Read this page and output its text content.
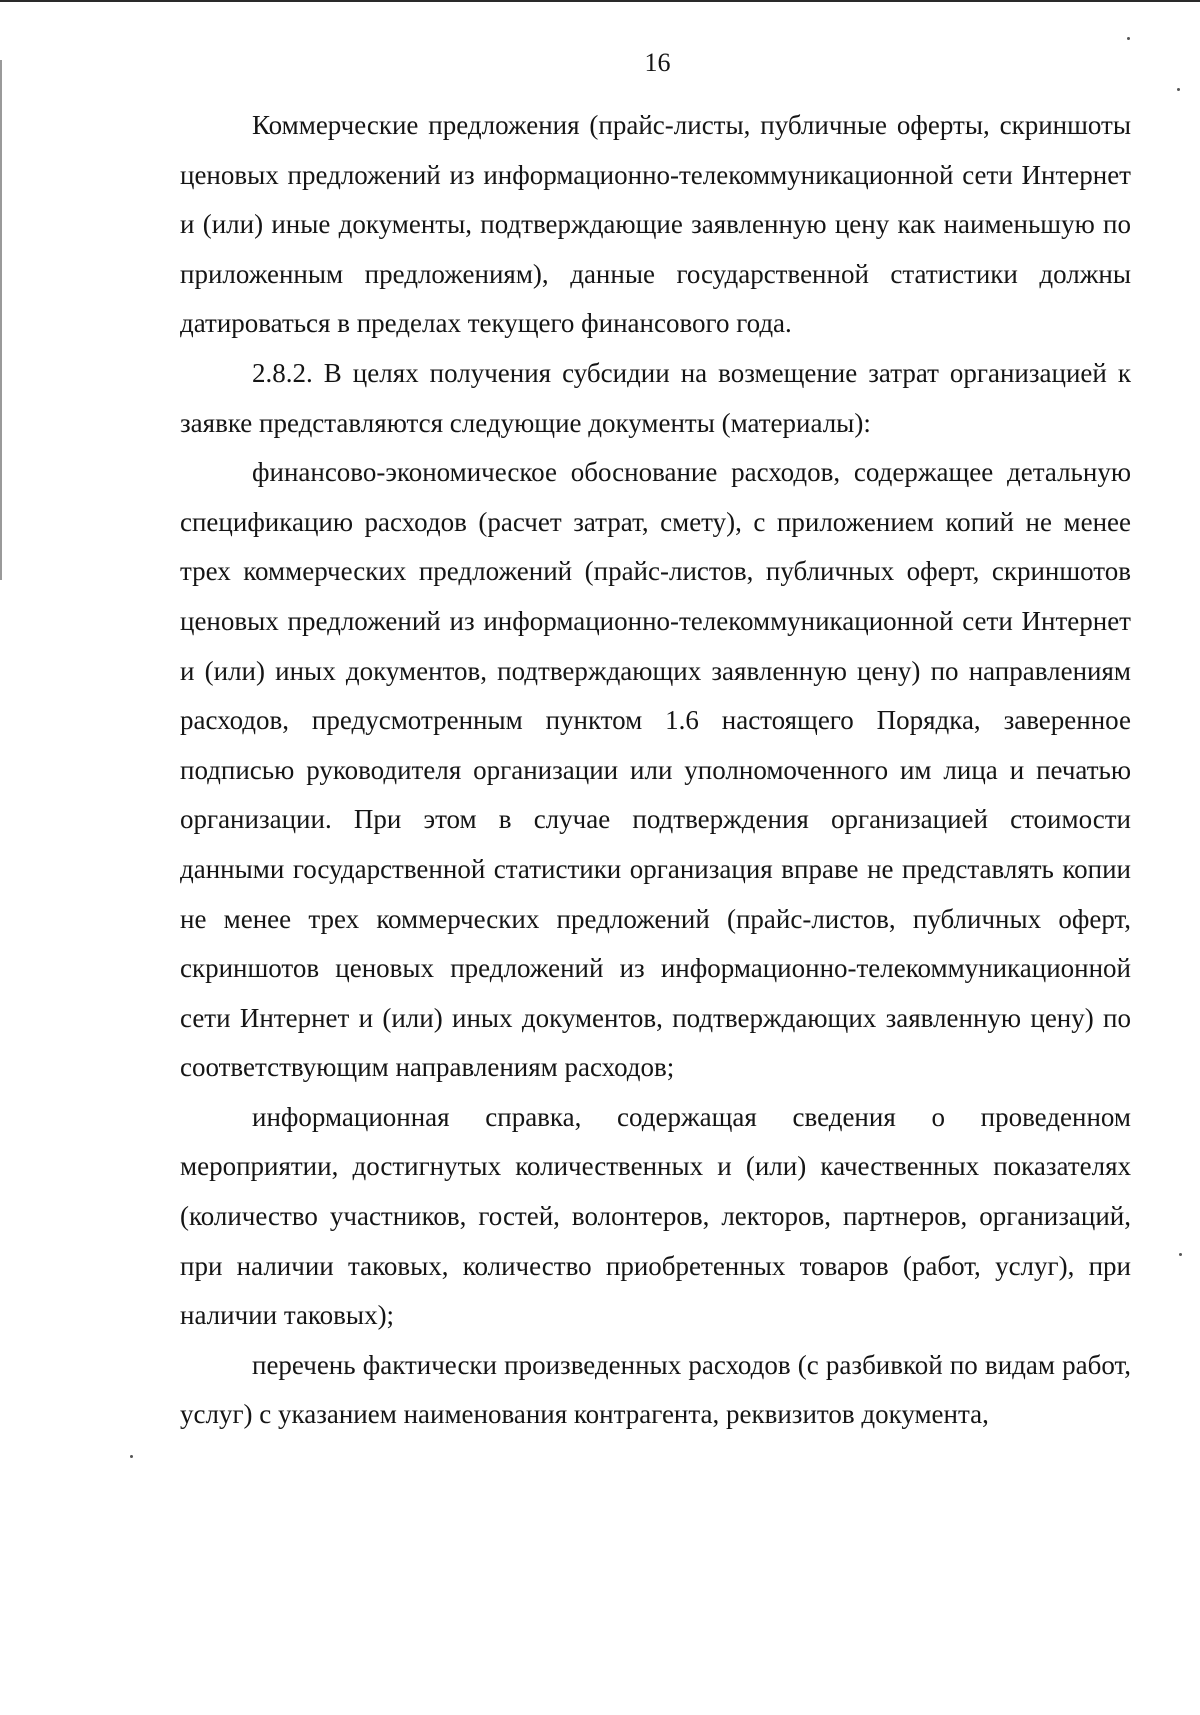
16

Коммерческие предложения (прайс-листы, публичные оферты, скриншоты ценовых предложений из информационно-телекоммуникационной сети Интернет и (или) иные документы, подтверждающие заявленную цену как наименьшую по приложенным предложениям), данные государственной статистики должны датироваться в пределах текущего финансового года.

2.8.2. В целях получения субсидии на возмещение затрат организацией к заявке представляются следующие документы (материалы):

финансово-экономическое обоснование расходов, содержащее детальную спецификацию расходов (расчет затрат, смету), с приложением копий не менее трех коммерческих предложений (прайс-листов, публичных оферт, скриншотов ценовых предложений из информационно-телекоммуникационной сети Интернет и (или) иных документов, подтверждающих заявленную цену) по направлениям расходов, предусмотренным пунктом 1.6 настоящего Порядка, заверенное подписью руководителя организации или уполномоченного им лица и печатью организации. При этом в случае подтверждения организацией стоимости данными государственной статистики организация вправе не представлять копии не менее трех коммерческих предложений (прайс-листов, публичных оферт, скриншотов ценовых предложений из информационно-телекоммуникационной сети Интернет и (или) иных документов, подтверждающих заявленную цену) по соответствующим направлениям расходов;

информационная справка, содержащая сведения о проведенном мероприятии, достигнутых количественных и (или) качественных показателях (количество участников, гостей, волонтеров, лекторов, партнеров, организаций, при наличии таковых, количество приобретенных товаров (работ, услуг), при наличии таковых);

перечень фактически произведенных расходов (с разбивкой по видам работ, услуг) с указанием наименования контрагента, реквизитов документа,
